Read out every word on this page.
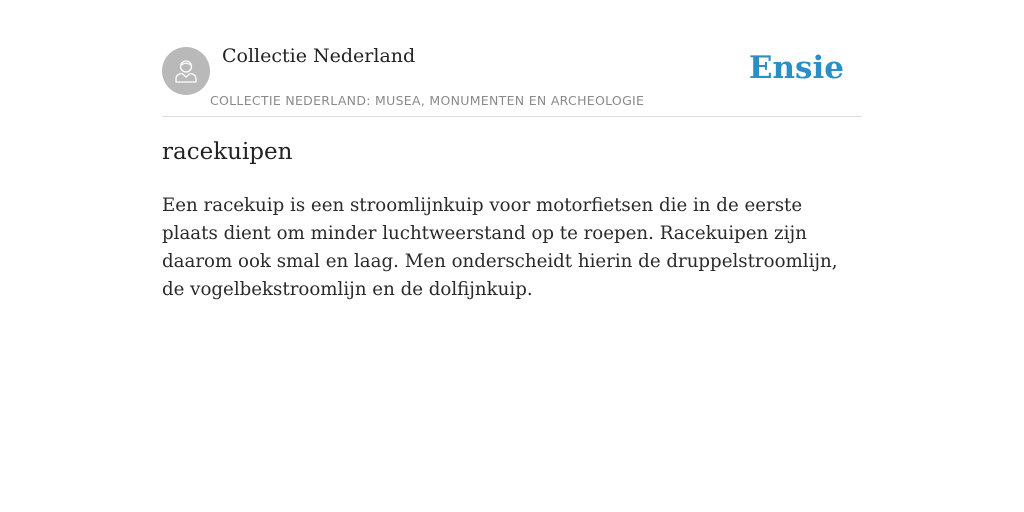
Collectie Nederland
COLLECTIE NEDERLAND: MUSEA, MONUMENTEN EN ARCHEOLOGIE
Ensie
racekuipen

Een racekuip is een stroomlijnkuip voor motorfietsen die in de eerste plaats dient om minder luchtweerstand op te roepen. Racekuipen zijn daarom ook smal en laag. Men onderscheidt hierin de druppelstroomlijn, de vogelbekstroomlijn en de dolfijnkuip.
